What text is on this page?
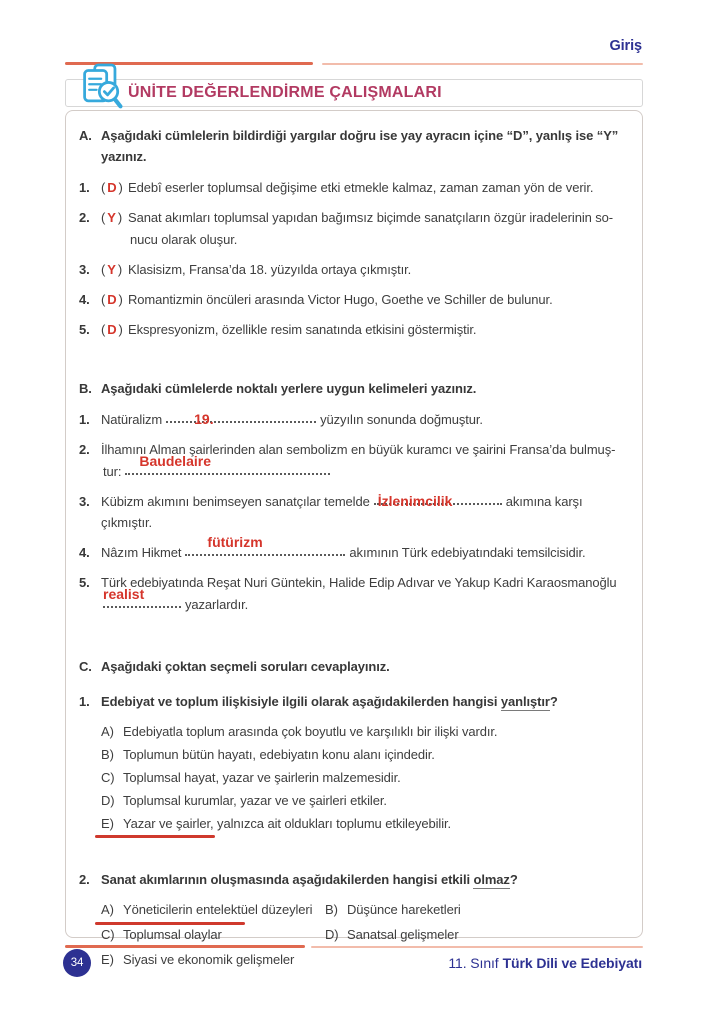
Giriş
ÜNİTE DEĞERLENDİRME ÇALIŞMALARI
A. Aşağıdaki cümlelerin bildirdiği yargılar doğru ise yay ayracın içine “D”, yanlış ise “Y” yazınız.
1. ( D ) Edebî eserler toplumsal değişime etki etmekle kalmaz, zaman zaman yön de verir.
2. ( Y ) Sanat akımları toplumsal yapıdan bağımsız biçimde sanatçıların özgür iradelerinin so-
nucu olarak oluşur.
3. ( Y ) Klasisizm, Fransa’da 18. yüzyılda ortaya çıkmıştır.
4. ( D ) Romantizmin öncüleri arasında Victor Hugo, Goethe ve Schiller de bulunur.
5. ( D ) Ekspresyonizm, özellikle resim sanatında etkisini göstermiştir.
B. Aşağıdaki cümlelerde noktalı yerlere uygun kelimeleri yazınız.
1. Natüralizm 19.	yüzyılın sonunda doğmuştur.
2. İlhamını Alman şairlerinden alan sembolizm en büyük kuramcı ve şairini Fransa’da bulmuş-
tur:
Baudelaire
3. Kübizm akımını benimseyen sanatçılar temelde İzlenimcilik	akımına karşı çıkmıştır.
4. Nâzım Hikmet
fütürizm
akımının Türk edebiyatındaki temsilcisidir.
5. Türk edebiyatında Reşat Nuri Güntekin, Halide Edip Adıvar ve Yakup Kadri Karaosmanoğlu
realist
yazarlardır.
C. Aşağıdaki çoktan seçmeli soruları cevaplayınız.
1. Edebiyat ve toplum ilişkisiyle ilgili olarak aşağıdakilerden hangisi yanlıştır?
A) Edebiyatla toplum arasında çok boyutlu ve karşılıklı bir ilişki vardır.
B) Toplumun bütün hayatı, edebiyatın konu alanı içindedir.
C) Toplumsal hayat, yazar ve şairlerin malzemesidir.
D) Toplumsal kurumlar, yazar ve ve şairleri etkiler.
E) Yazar ve şairler, yalnızca ait oldukları toplumu etkileyebilir.
2. Sanat akımlarının oluşmasında aşağıdakilerden hangisi etkili olmaz?
A) Yöneticilerin entelektüel düzeyleri B) Düşünce hareketleri
C) Toplumsal olaylar	D) Sanatsal gelişmeler
E) Siyasi ve ekonomik gelişmeler
34	11. Sınıf Türk Dili ve Edebiyatı
